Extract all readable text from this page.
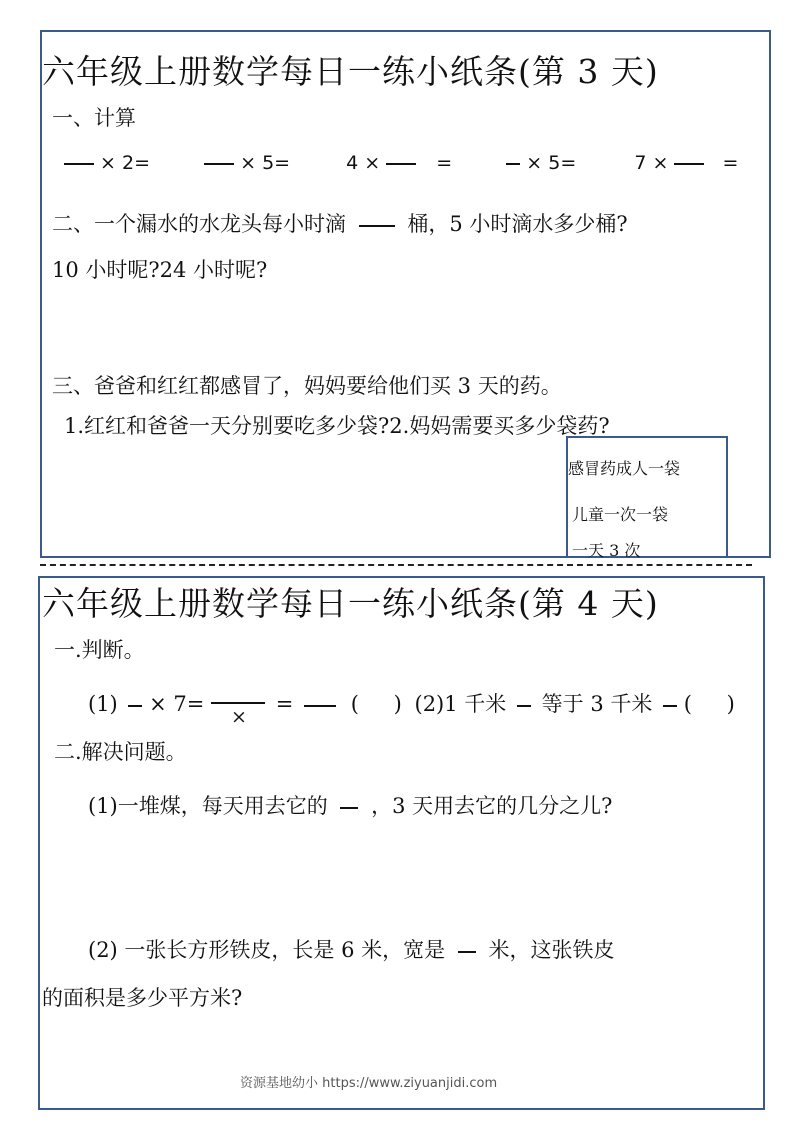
六年级上册数学每日一练小纸条(第 3 天)
一、计算
× 2=	× 5=	4 ×	=	× 5=	7 ×	=
二、一个漏水的水龙头每小时滴	桶，5 小时滴水多少桶?
10 小时呢?24 小时呢?
三、爸爸和红红都感冒了，妈妈要给他们买 3 天的药。
1.红红和爸爸一天分别要吃多少袋?2.妈妈需要买多少袋药?
感冒药成人一袋
儿童一次一袋
一天 3 次
六年级上册数学每日一练小纸条(第 4 天)
一.判断。
(1) × 7=
×
=	( ) (2)1 千米 等于 3 千米 ( )
二.解决问题。
(1)一堆煤，每天用去它的 ，3 天用去它的几分之儿?
(2) 一张长方形铁皮，长是 6 米，宽是 米，这张铁皮
的面积是多少平方米?
资源基地幼小 https://www.ziyuanjidi.com
